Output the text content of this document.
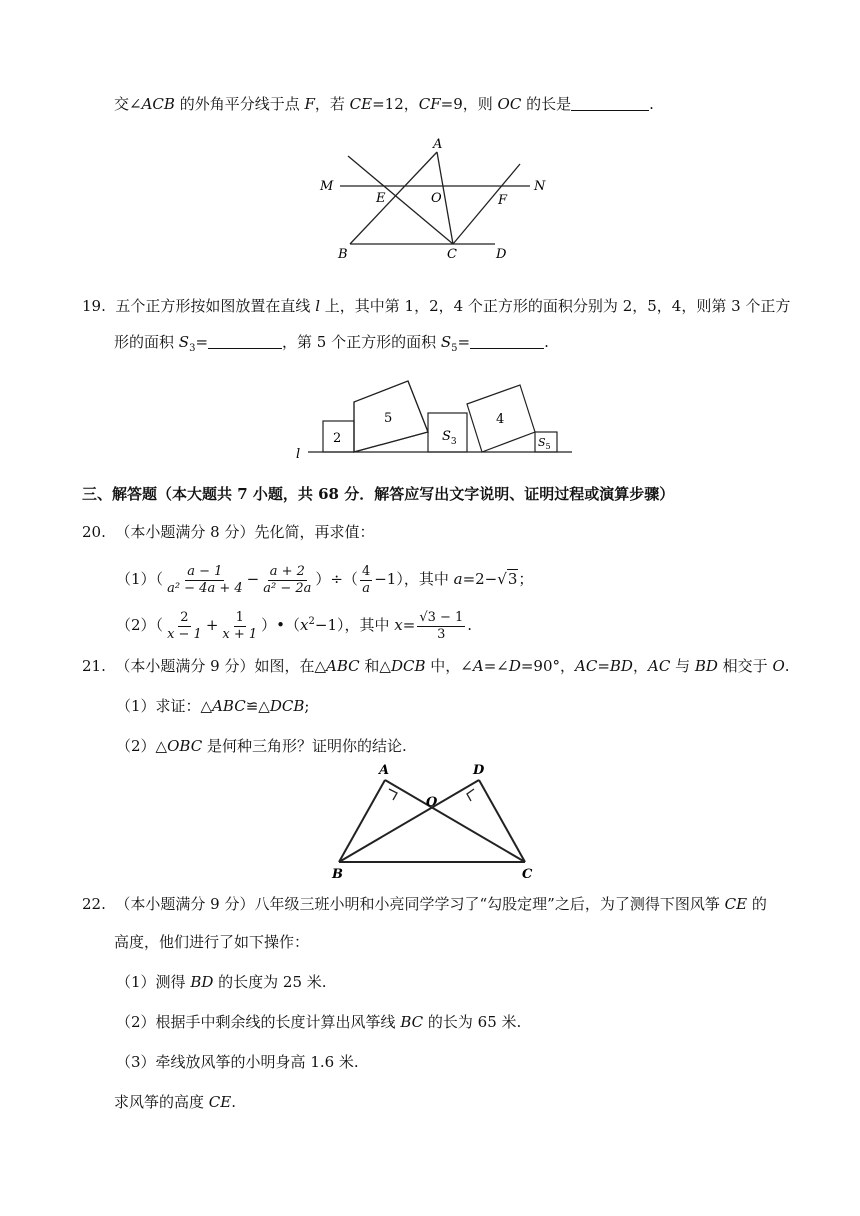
交∠ACB 的外角平分线于点 F，若 CE=12，CF=9，则 OC 的长是	.
A
M
E	O	F
N
B	C	D
19. 五个正方形按如图放置在直线 l 上，其中第 1，2，4 个正方形的面积分别为 2，5，4，则第 3 个正方
形的面积 $S_3=$	，第 5 个正方形的面积 $S_5=$	.
2
5
$S_3$
4
$S_5$
l
三、解答题（本大题共 7 小题，共 68 分．解答应写出文字说明、证明过程或演算步骤）
20. （本小题满分 8 分）先化简，再求值：
$(1)( \frac{a - 1}{\text{a² − 4a + 4}} - \frac{a + 2}{\text{a² − 2a}}$ ）÷（ $\frac{4}{a} -1$），其中 a=2−√3；
$(2)( \frac{2}{x - 1} + \frac{1}{x + 1}$ ）$•(x^2-1)$，其中 $x= \frac{√3 - 1}{3}$ .
21. （本小题满分 9 分）如图，在△ABC 和△DCB 中，∠A=∠D=90°，AC=BD，AC 与 BD 相交于 O.
（1）求证：△ABC≌△DCB;
（2）△OBC 是何种三角形？证明你的结论.
A
O
D
B	C
22. （本小题满分 9 分）八年级三班小明和小亮同学学习了“勾股定理”之后，为了测得下图风筝 CE 的
高度，他们进行了如下操作：
（1）测得 BD 的长度为 25 米.
（2）根据手中剩余线的长度计算出风筝线 BC 的长为 65 米.
（3）牵线放风筝的小明身高 1.6 米.
求风筝的高度 CE.
